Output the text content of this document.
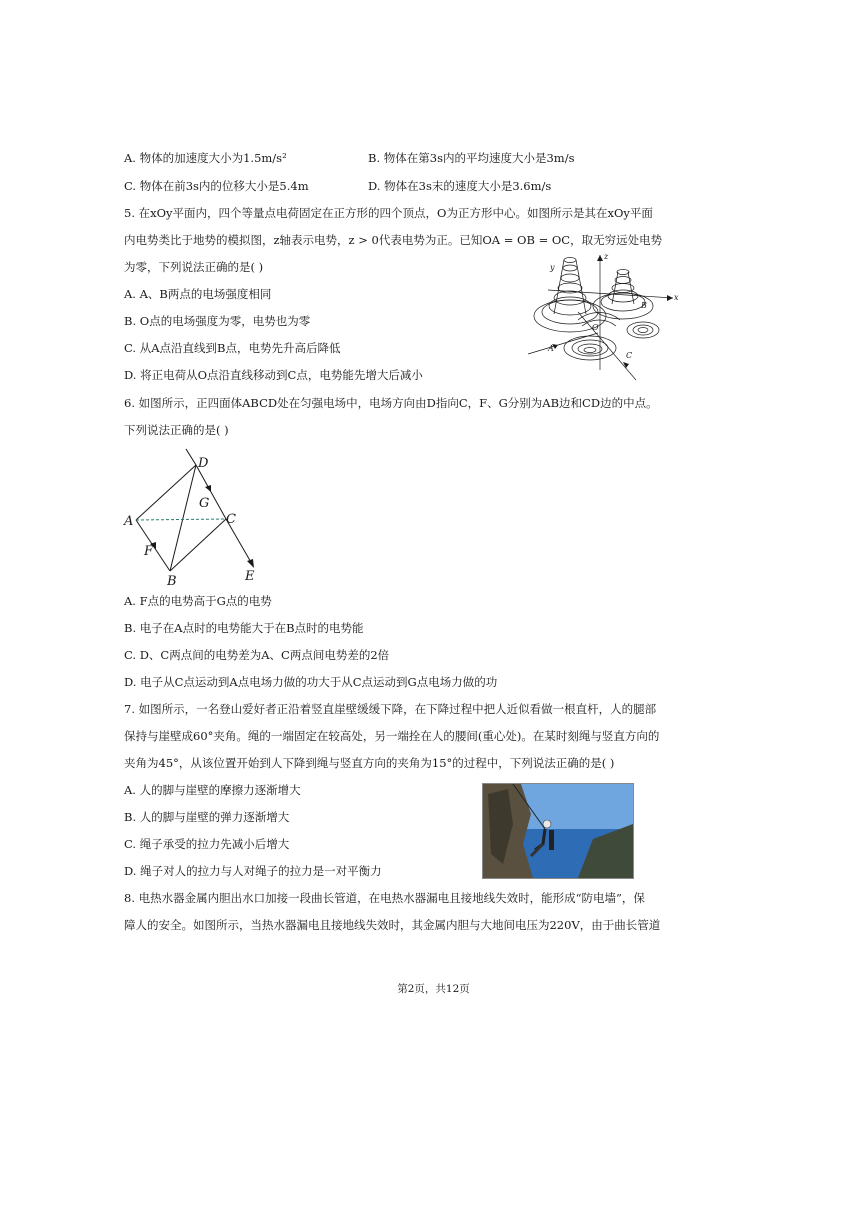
A. 物体的加速度大小为1.5m/s²	B. 物体在第3s内的平均速度大小是3m/s
C. 物体在前3s内的位移大小是5.4m	D. 物体在3s末的速度大小是3.6m/s
5. 在xOy平面内，四个等量点电荷固定在正方形的四个顶点，O为正方形中心。如图所示是其在xOy平面
内电势类比于地势的模拟图，z轴表示电势，z > 0代表电势为正。已知OA = OB = OC，取无穷远处电势
为零，下列说法正确的是( )
A. A、B两点的电场强度相同
B. O点的电场强度为零，电势也为零
C. 从A点沿直线到B点，电势先升高后降低
D. 将正电荷从O点沿直线移动到C点，电势能先增大后减小
y
z
x
B
O
A
C
6. 如图所示，正四面体ABCD处在匀强电场中，电场方向由D指向C，F、G分别为AB边和CD边的中点。
下列说法正确的是( )
D
G
A	C
F
B	E
A. F点的电势高于G点的电势
B. 电子在A点时的电势能大于在B点时的电势能
C. D、C两点间的电势差为A、C两点间电势差的2倍
D. 电子从C点运动到A点电场力做的功大于从C点运动到G点电场力做的功
7. 如图所示，一名登山爱好者正沿着竖直崖壁缓缓下降，在下降过程中把人近似看做一根直杆，人的腿部
保持与崖壁成60°夹角。绳的一端固定在较高处，另一端拴在人的腰间(重心处)。在某时刻绳与竖直方向的
夹角为45°，从该位置开始到人下降到绳与竖直方向的夹角为15°的过程中，下列说法正确的是( )
A. 人的脚与崖壁的摩擦力逐渐增大
B. 人的脚与崖壁的弹力逐渐增大
C. 绳子承受的拉力先减小后增大
D. 绳子对人的拉力与人对绳子的拉力是一对平衡力
8. 电热水器金属内胆出水口加接一段曲长管道，在电热水器漏电且接地线失效时，能形成“防电墙”，保
障人的安全。如图所示，当热水器漏电且接地线失效时，其金属内胆与大地间电压为220V，由于曲长管道
第2页，共12页
